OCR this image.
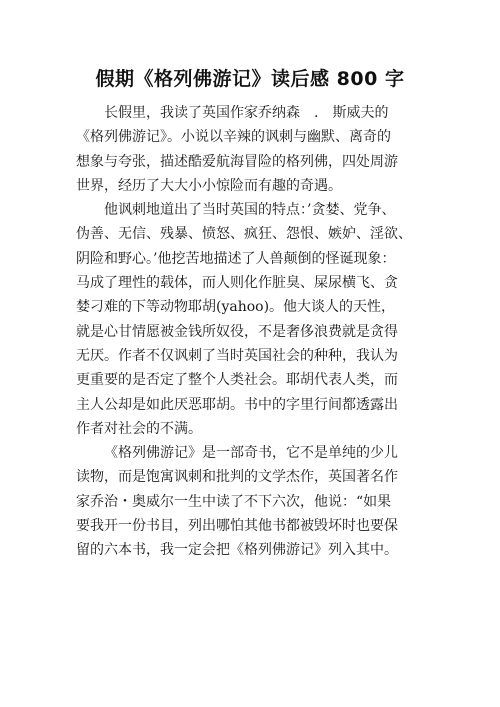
假期《格列佛游记》读后感 800 字
长假里，我读了英国作家乔纳森　.　斯威夫的
《格列佛游记》。小说以辛辣的讽刺与幽默、离奇的
想象与夸张，描述酷爱航海冒险的格列佛，四处周游
世界，经历了大大小小惊险而有趣的奇遇。
他讽刺地道出了当时英国的特点：’贪婪、党争、
伪善、无信、残暴、愤怒、疯狂、怨恨、嫉妒、淫欲、
阴险和野心。’他挖苦地描述了人兽颠倒的怪诞现象：
马成了理性的载体，而人则化作脏臭、屎尿横飞、贪
婪刁难的下等动物耶胡(yahoo)。他大谈人的天性，
就是心甘情愿被金钱所奴役，不是奢侈浪费就是贪得
无厌。作者不仅讽刺了当时英国社会的种种，我认为
更重要的是否定了整个人类社会。耶胡代表人类，而
主人公却是如此厌恶耶胡。书中的字里行间都透露出
作者对社会的不满。
《格列佛游记》是一部奇书，它不是单纯的少儿
读物，而是饱寓讽刺和批判的文学杰作，英国著名作
家乔治・奥威尔一生中读了不下六次，他说：“如果
要我开一份书目，列出哪怕其他书都被毁坏时也要保
留的六本书，我一定会把《格列佛游记》列入其中。
